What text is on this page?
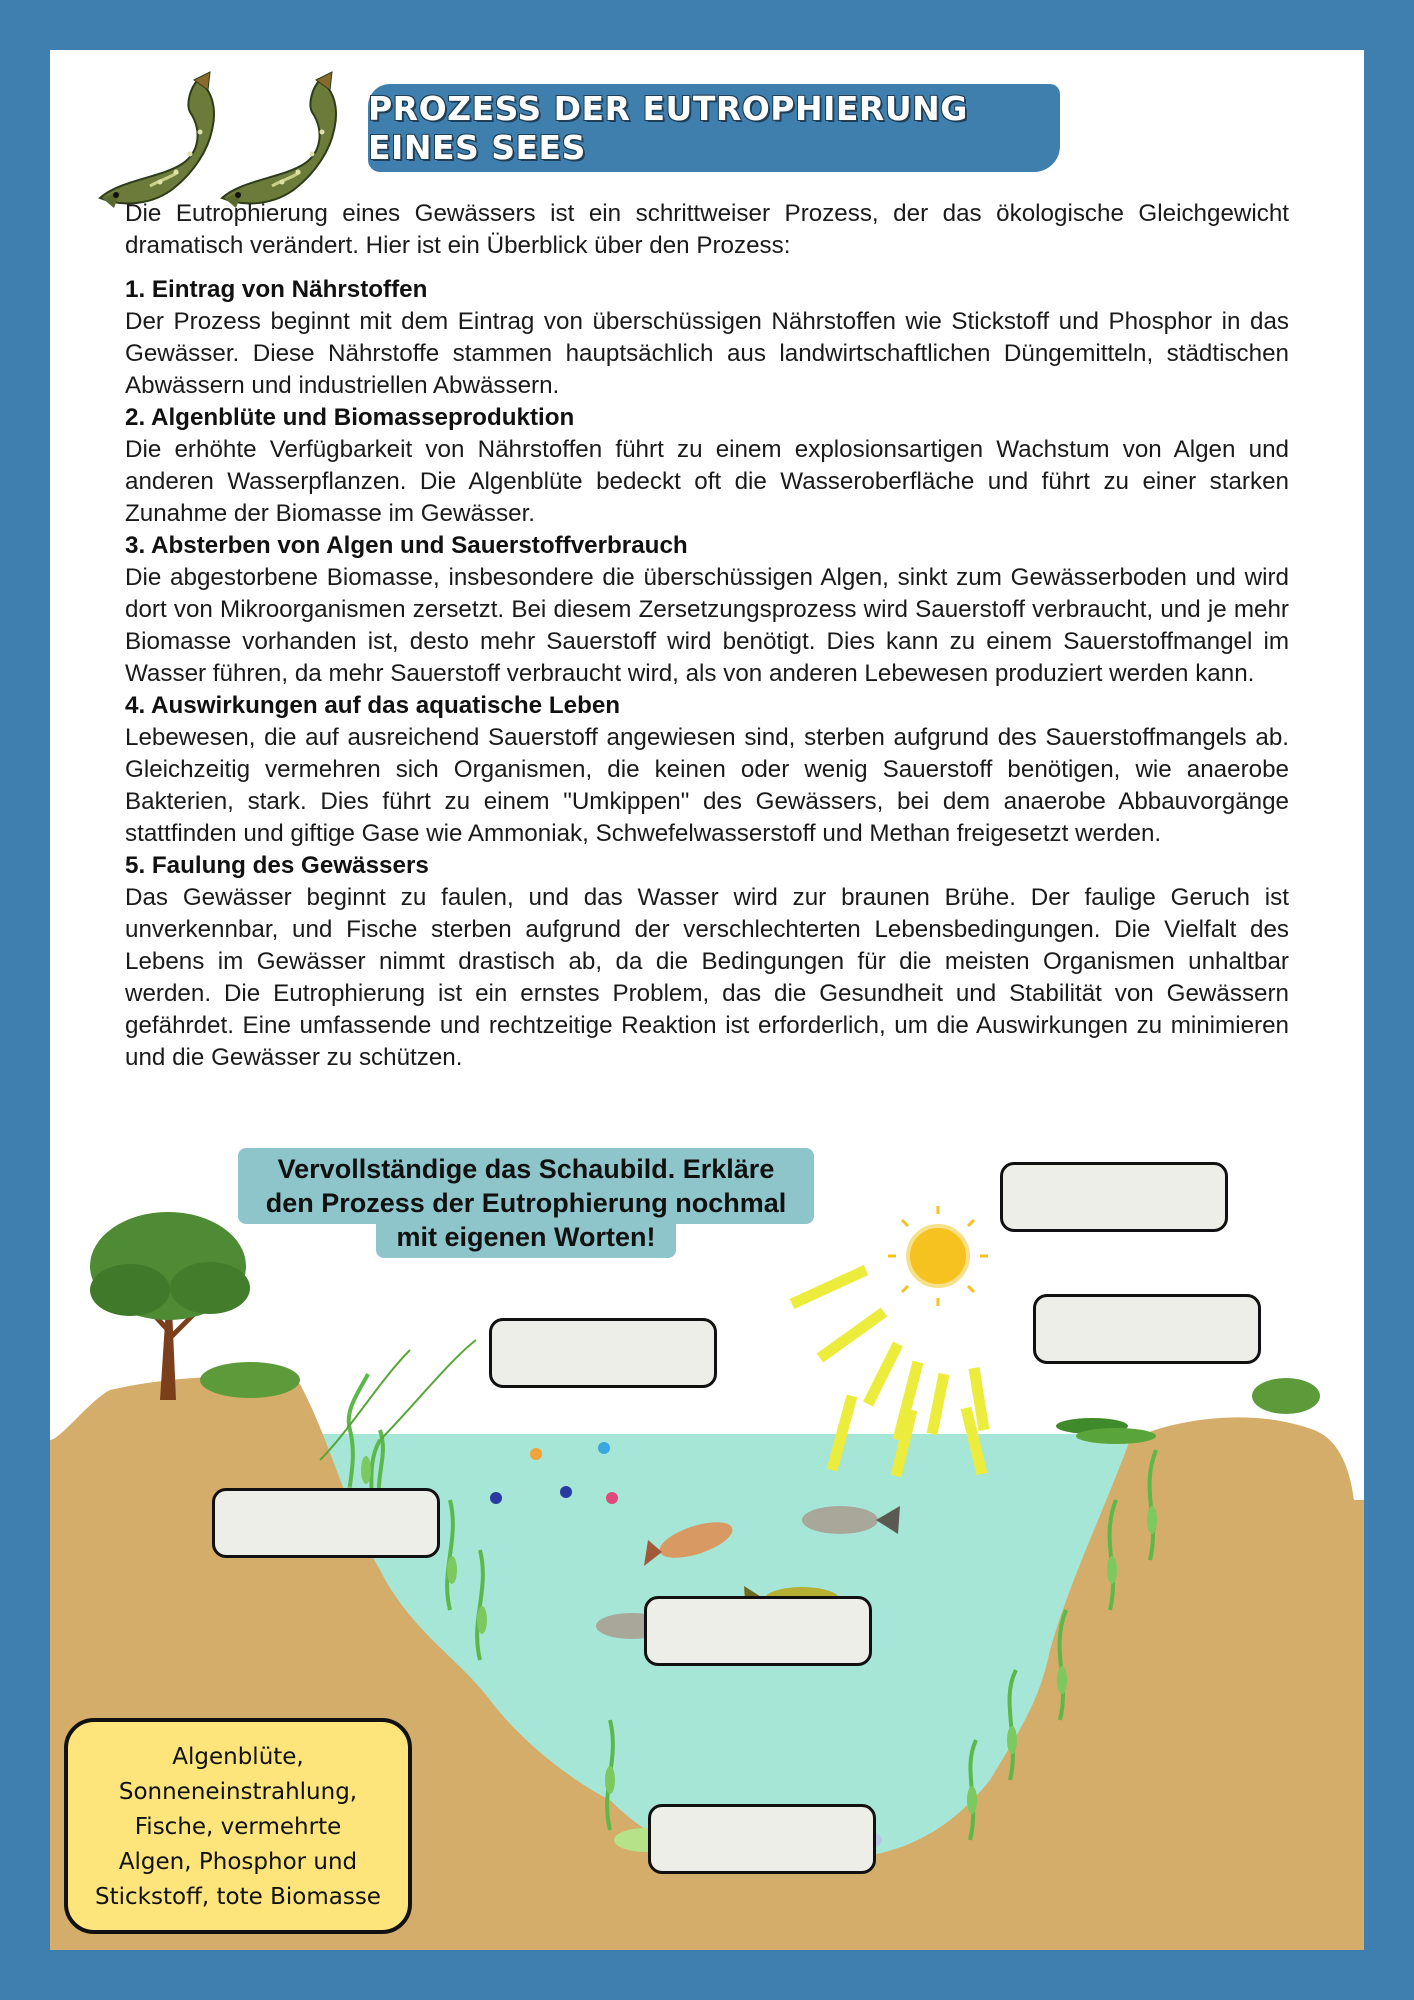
PROZESS DER EUTROPHIERUNG EINES SEES

Die Eutrophierung eines Gewässers ist ein schrittweiser Prozess, der das ökologische Gleichgewicht dramatisch verändert. Hier ist ein Überblick über den Prozess:

1. Eintrag von Nährstoffen

Der Prozess beginnt mit dem Eintrag von überschüssigen Nährstoffen wie Stickstoff und Phosphor in das Gewässer. Diese Nährstoffe stammen hauptsächlich aus landwirtschaftlichen Düngemitteln, städtischen Abwässern und industriellen Abwässern.

2. Algenblüte und Biomasseproduktion

Die erhöhte Verfügbarkeit von Nährstoffen führt zu einem explosionsartigen Wachstum von Algen und anderen Wasserpflanzen. Die Algenblüte bedeckt oft die Wasseroberfläche und führt zu einer starken Zunahme der Biomasse im Gewässer.

3. Absterben von Algen und Sauerstoffverbrauch

Die abgestorbene Biomasse, insbesondere die überschüssigen Algen, sinkt zum Gewässerboden und wird dort von Mikroorganismen zersetzt. Bei diesem Zersetzungsprozess wird Sauerstoff verbraucht, und je mehr Biomasse vorhanden ist, desto mehr Sauerstoff wird benötigt. Dies kann zu einem Sauerstoffmangel im Wasser führen, da mehr Sauerstoff verbraucht wird, als von anderen Lebewesen produziert werden kann.

4. Auswirkungen auf das aquatische Leben

Lebewesen, die auf ausreichend Sauerstoff angewiesen sind, sterben aufgrund des Sauerstoffmangels ab. Gleichzeitig vermehren sich Organismen, die keinen oder wenig Sauerstoff benötigen, wie anaerobe Bakterien, stark. Dies führt zu einem "Umkippen" des Gewässers, bei dem anaerobe Abbauvorgänge stattfinden und giftige Gase wie Ammoniak, Schwefelwasserstoff und Methan freigesetzt werden.

5. Faulung des Gewässers

Das Gewässer beginnt zu faulen, und das Wasser wird zur braunen Brühe. Der faulige Geruch ist unverkennbar, und Fische sterben aufgrund der verschlechterten Lebensbedingungen. Die Vielfalt des Lebens im Gewässer nimmt drastisch ab, da die Bedingungen für die meisten Organismen unhaltbar werden. Die Eutrophierung ist ein ernstes Problem, das die Gesundheit und Stabilität von Gewässern gefährdet. Eine umfassende und rechtzeitige Reaktion ist erforderlich, um die Auswirkungen zu minimieren und die Gewässer zu schützen.

Vervollständige das Schaubild. Erkläre
den Prozess der Eutrophierung nochmal
mit eigenen Worten!
Algenblüte,
Sonneneinstrahlung,
Fische, vermehrte
Algen, Phosphor und
Stickstoff, tote Biomasse
